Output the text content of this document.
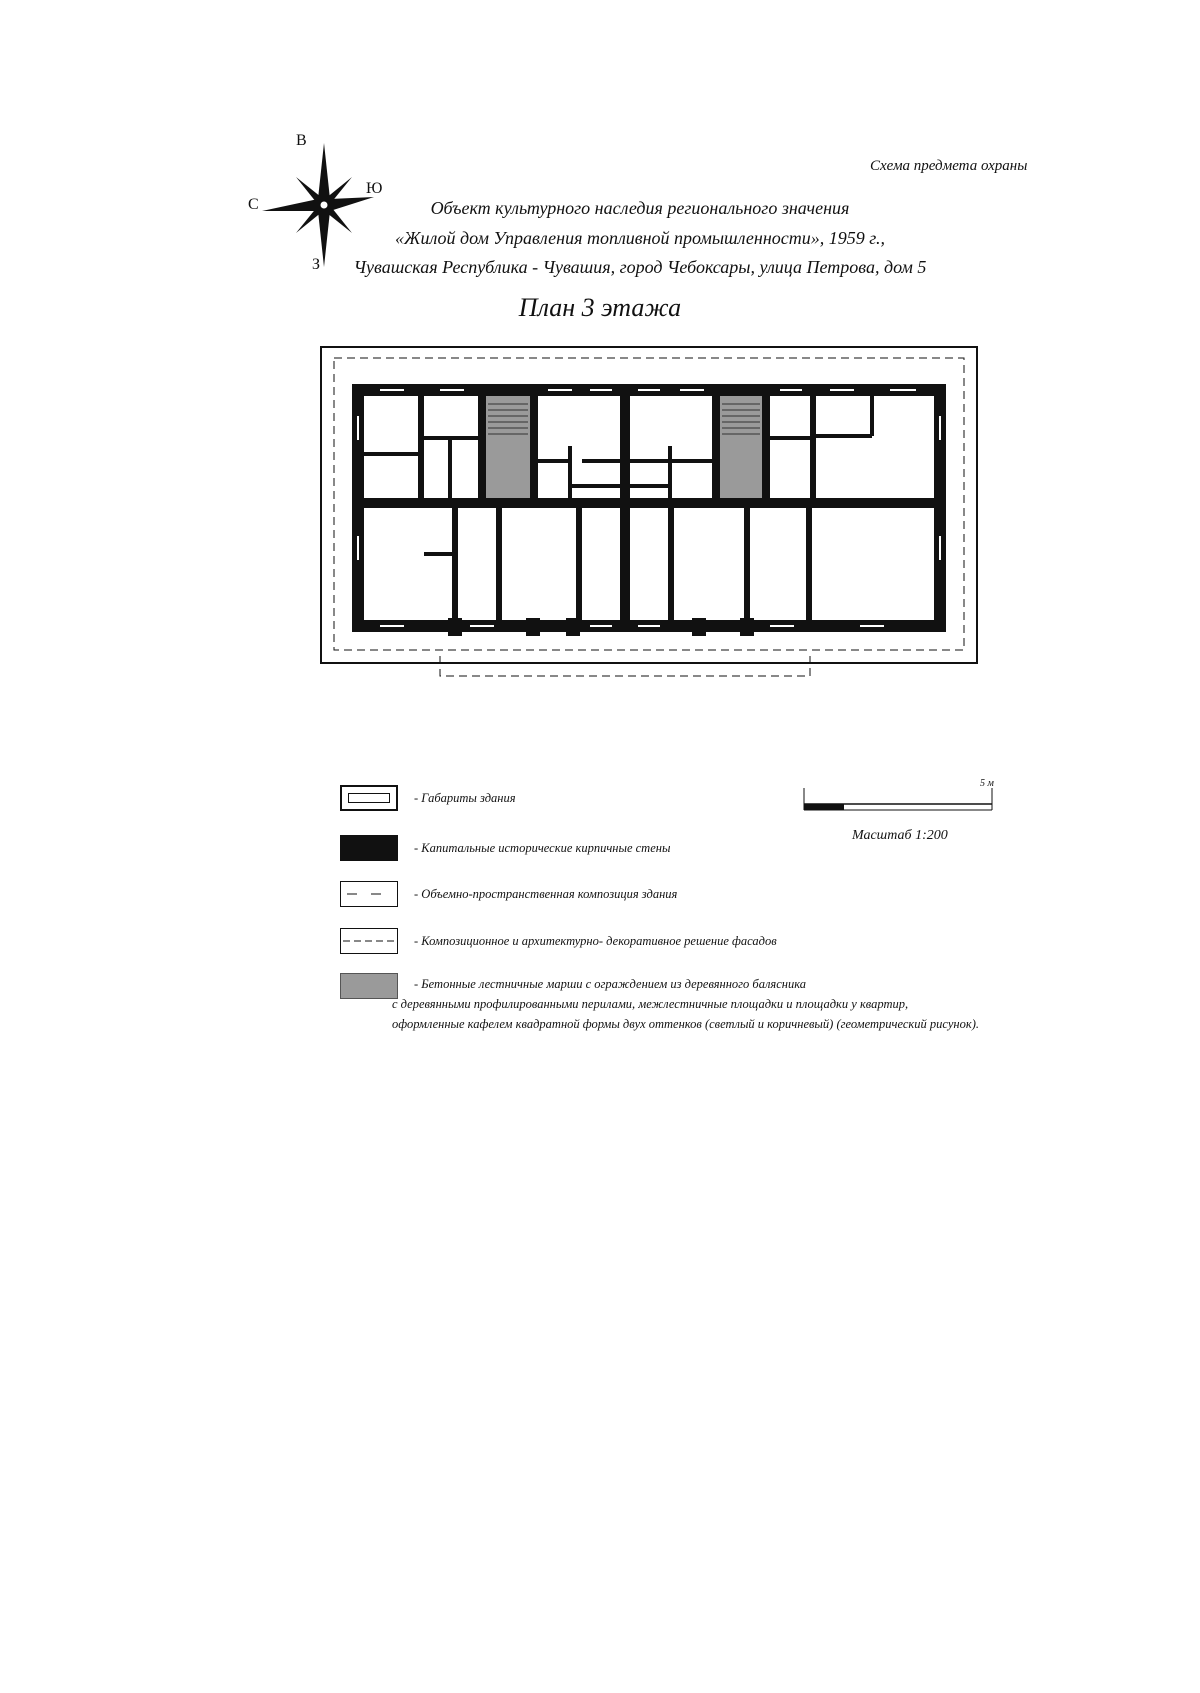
Схема предмета охраны
В
Ю
С
З
Объект культурного наследия регионального значения
«Жилой дом Управления топливной промышленности», 1959 г.,
Чувашская Республика - Чувашия, город Чебоксары, улица Петрова, дом 5
План 3 этажа
5 м
Масштаб 1:200
- Габариты здания
- Капитальные исторические кирпичные стены
- Объемно-пространственная композиция здания
- Композиционное и архитектурно- декоративное решение фасадов
- Бетонные лестничные марши с ограждением из деревянного балясника
с деревянными профилированными перилами, межлестничные площадки и площадки у квартир,
оформленные кафелем квадратной формы двух оттенков (светлый и коричневый) (геометрический рисунок).
